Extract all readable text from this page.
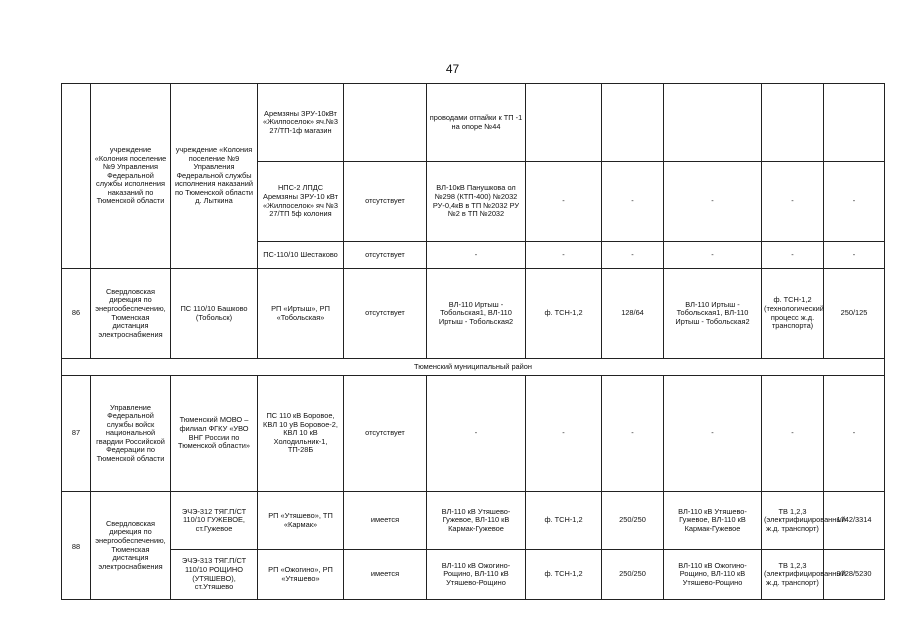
47
	учреждение «Колония поселение №9 Управления Федеральной службы исполнения наказаний по Тюменской области	учреждение «Колония поселение №9 Управления Федеральной службы исполнения наказаний по Тюменской области д. Лыткина	Аремзяны ЗРУ-10кВт «Жилпоселок» яч.№3 27/ТП-1ф магазин		проводами отпайки к ТП -1 на опоре №44					
			НПС-2 ЛПДС Аремзяны ЗРУ-10 кВт «Жилпоселок» яч №3 27/ТП 5ф колония	отсутствует	ВЛ-10кВ Панушкова ол №298 (КТП-400) №2032 РУ-0,4кВ в ТП №2032 РУ №2 в ТП №2032	-	-	-	-	-
			ПС-110/10 Шестаково	отсутствует	-	-	-	-	-	-
86	Свердловская дирекция по энергообеспечению, Тюменская дистанция электроснабжения	ПС 110/10 Башково (Тобольск)	РП «Иртыш», РП «Тобольская»	отсутствует	ВЛ-110 Иртыш - Тобольская1, ВЛ-110 Иртыш - Тобольская2	ф. ТСН-1,2	128/64	ВЛ-110 Иртыш - Тобольская1, ВЛ-110 Иртыш - Тобольская2	ф. ТСН-1,2 (технологический процесс ж.д. транспорта)	250/125
Тюменский муниципальный район										
87	Управление Федеральной службы войск национальной гвардии Российской Федерации по Тюменской области	Тюменский МОВО – филиал ФГКУ «УВО ВНГ России по Тюменской области»	ПС 110 кВ Боровое, КВЛ 10 уВ Боровое-2, КВЛ 10 кВ Холодильник-1, ТП-28Б	отсутствует	-	-	-	-	-	-
88	Свердловская дирекция по энергообеспечению, Тюменская дистанция электроснабжения	ЭЧЭ-312 ТЯГ.П/СТ 110/10 ГУЖЕВОЕ, ст.Гужевое	РП «Утяшево», ТП «Кармак»	имеется	ВЛ-110 кВ Утяшево-Гужевое, ВЛ-110 кВ Кармак-Гужевое	ф. ТСН-1,2	250/250	ВЛ-110 кВ Утяшево-Гужевое, ВЛ-110 кВ Кармак-Гужевое	ТВ 1,2,3 (электрифицированный ж.д. транспорт)	1742/3314
		ЭЧЭ-313 ТЯГ.П/СТ 110/10 РОЩИНО (УТЯШЕВО), ст.Утяшево	РП «Ожогино», РП «Утяшево»	имеется	ВЛ-110 кВ Ожогино-Рощино, ВЛ-110 кВ Утяшево-Рощино	ф. ТСН-1,2	250/250	ВЛ-110 кВ Ожогино-Рощино, ВЛ-110 кВ Утяшево-Рощино	ТВ 1,2,3 (электрифицированный ж.д. транспорт)	9728/5230
